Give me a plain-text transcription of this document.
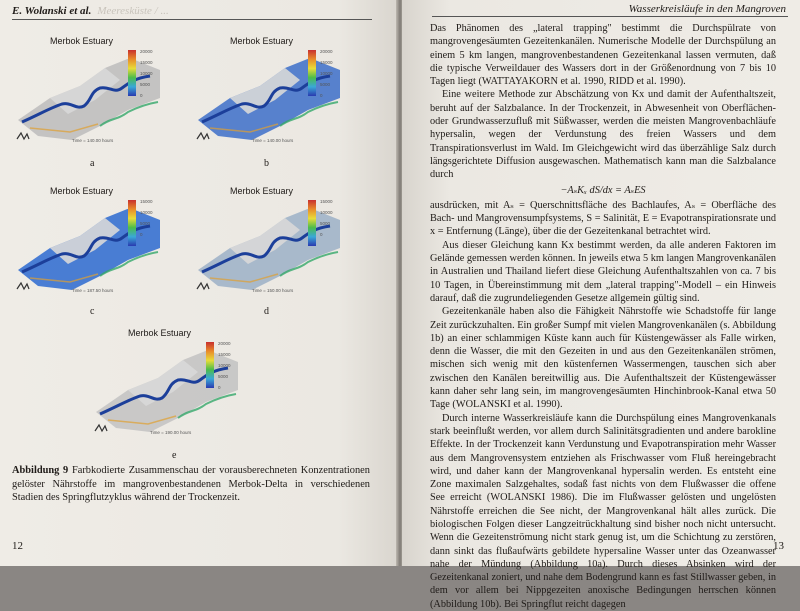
E. Wolanski et al. Meeresküste / ...
Merbok Estuary
20000
15000
10000
5000
0
Time = 140.00 hours
a
Merbok Estuary
20000
15000
10000
5000
0
Time = 140.00 hours
b
Merbok Estuary
15000
10000
5000
0
Time = 187.50 hours
c
Merbok Estuary
15000
10000
5000
0
Time = 150.00 hours
d
Merbok Estuary
20000
15000
10000
5000
0
Time = 190.00 hours
e
Abbildung 9 Farbkodierte Zusammenschau der vorausberechneten Konzentrationen gelöster Nährstoffe im mangrovenbestandenen Merbok-Delta in verschiedenen Stadien des Springflutzyklus während der Trockenzeit.
12
Wasserkreisläufe in den Mangroven

Das Phänomen des „lateral trapping" bestimmt die Durchspülrate von mangrovengesäumten Gezeitenkanälen. Numerische Modelle der Durchspülung an einem 5 km langen, mangrovenbestandenen Gezeitenkanal lassen vermuten, daß die typische Verweildauer des Wassers dort in der Größenordnung von 7 bis 10 Tagen liegt (WATTAYAKORN et al. 1990, RIDD et al. 1990).

Eine weitere Methode zur Abschätzung von Kx und damit der Aufenthaltszeit, beruht auf der Salzbalance. In der Trockenzeit, in Abwesenheit von Oberflächen- oder Grundwasserzufluß mit Süßwasser, werden die meisten Mangrovenbachläufe hypersalin, wegen der Verdunstung des freien Wassers und dem Transpirationsverlust im Wald. Im Gleichgewicht wird das überzählige Salz durch längsgerichtete Diffusion ausgewaschen. Mathematisch kann man die Salzbalance durch

−AₛKₓ dS/dx = AₛES

ausdrücken, mit Aₛ = Querschnittsfläche des Bachlaufes, Aₛ = Oberfläche des Bach- und Mangrovensumpfsystems, S = Salinität, E = Evapotranspirationsrate und x = Entfernung (Länge), über die der Gezeitenkanal betrachtet wird.

Aus dieser Gleichung kann Kx bestimmt werden, da alle anderen Faktoren im Gelände gemessen werden können. In jeweils etwa 5 km langen Mangrovenkanälen in Australien und Thailand liefert diese Gleichung Aufenthaltszahlen von ca. 7 bis 10 Tagen, in Übereinstimmung mit dem „lateral trapping"-Modell – ein Hinweis darauf, daß die zugrundeliegenden Gesetze allgemein gültig sind.

Gezeitenkanäle haben also die Fähigkeit Nährstoffe wie Schadstoffe für lange Zeit zurückzuhalten. Ein großer Sumpf mit vielen Mangrovenkanälen (s. Abbildung 1b) an einer schlammigen Küste kann auch für Küstengewässer als Falle wirken, denn die Wasser, die mit den Gezeiten in und aus den Gezeitenkanälen strömen, mischen sich wenig mit den küstenfernen Wassermengen, tauschen sich aber zwischen den Kanälen bereitwillig aus. Die Aufenthaltszeit der Küstengewässer kann daher sehr lang sein, im mangrovengesäumten Hinchinbrook-Kanal etwa 50 Tage (WOLANSKI et al. 1990).

Durch interne Wasserkreisläufe kann die Durchspülung eines Mangrovenkanals stark beeinflußt werden, vor allem durch Salinitätsgradienten und andere barokline Effekte. In der Trockenzeit kann Verdunstung und Evapotranspiration mehr Wasser aus dem Mangrovensystem entziehen als Frischwasser vom Fluß hereingebracht wird, und daher kann der Mangrovenkanal hypersalin werden. Es entsteht eine Zone maximalen Salzgehaltes, sodaß fast nichts von dem Flußwasser die offene See erreicht (WOLANSKI 1986). Die im Flußwasser gelösten und ungelösten Nährstoffe erreichen die See nicht, der Mangrovenkanal hält alles zurück. Die biologischen Folgen dieser Langzeitrückhaltung sind bisher noch nicht untersucht. Wenn die Gezeitenströmung nicht stark genug ist, um die Schichtung zu zerstören, dann sinkt das flußaufwärts gebildete hypersaline Wasser unter das Ozeanwasser nahe der Mündung (Abbildung 10a). Durch dieses Absinken wird der Gezeitenkanal zoniert, und nahe dem Bodengrund kann es fast Stillwasser geben, in dem vor allem bei Nippgezeiten anoxische Bedingungen herrschen können (Abbildung 10b). Bei Springflut reicht dagegen

13
